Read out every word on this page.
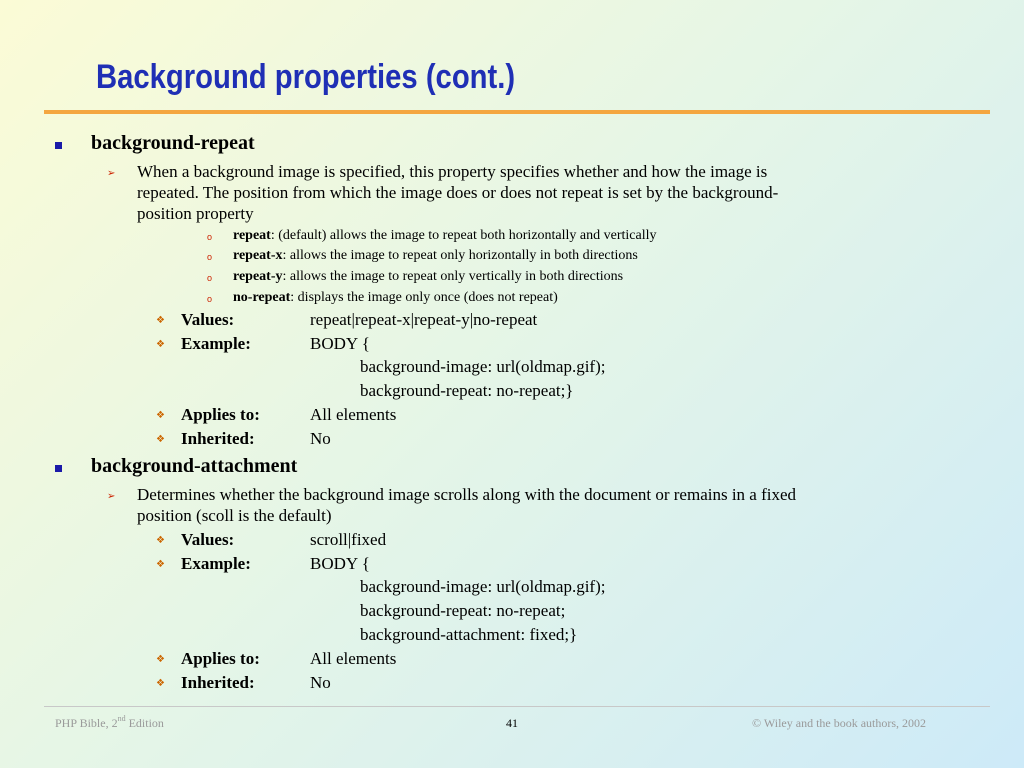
Background properties (cont.)
background-repeat
➢ When a background image is specified, this property specifies whether and how the image is
repeated. The position from which the image does or does not repeat is set by the background-
position property
o repeat: (default) allows the image to repeat both horizontally and vertically
o repeat-x: allows the image to repeat only horizontally in both directions
o repeat-y: allows the image to repeat only vertically in both directions
o no-repeat: displays the image only once (does not repeat)
❖ Values:	repeat|repeat-x|repeat-y|no-repeat
❖ Example:	BODY {
background-image: url(oldmap.gif);
background-repeat: no-repeat;}
❖ Applies to:	All elements
❖ Inherited:	No
background-attachment
➢ Determines whether the background image scrolls along with the document or remains in a fixed
position (scoll is the default)
❖ Values:	scroll|fixed
❖ Example:	BODY {
background-image: url(oldmap.gif);
background-repeat: no-repeat;
background-attachment: fixed;}
❖ Applies to:	All elements
❖ Inherited:	No
PHP Bible, 2nd Edition	41	© Wiley and the book authors, 2002
